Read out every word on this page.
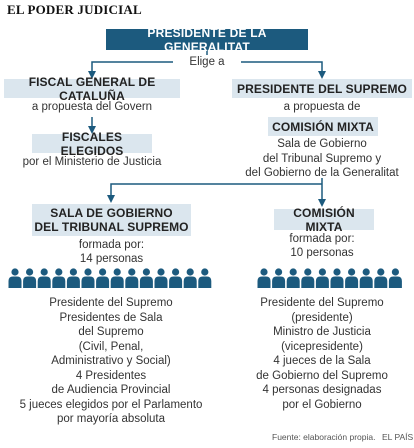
EL PODER JUDICIAL
PRESIDENTE DE LA GENERALITAT
Elige a
FISCAL GENERAL DE CATALUÑA
a propuesta del Govern
FISCALES ELEGIDOS
por el Ministerio de Justicia
PRESIDENTE DEL SUPREMO
a propuesta de
COMISIÓN MIXTA
Sala de Gobierno
del Tribunal Supremo y
del Gobierno de la Generalitat
SALA DE GOBIERNO
DEL TRIBUNAL SUPREMO
formada por:
14 personas
Presidente del Supremo
Presidentes de Sala
del Supremo
(Civil, Penal,
Administrativo y Social)
4 Presidentes
de Audiencia Provincial
5 jueces elegidos por el Parlamento
por mayoría absoluta
COMISIÓN MIXTA
formada por:
10 personas
Presidente del Supremo
(presidente)
Ministro de Justicia
(vicepresidente)
4 jueces de la Sala
de Gobierno del Supremo
4 personas designadas
por el Gobierno
Fuente: elaboración propia. EL PAÍS
